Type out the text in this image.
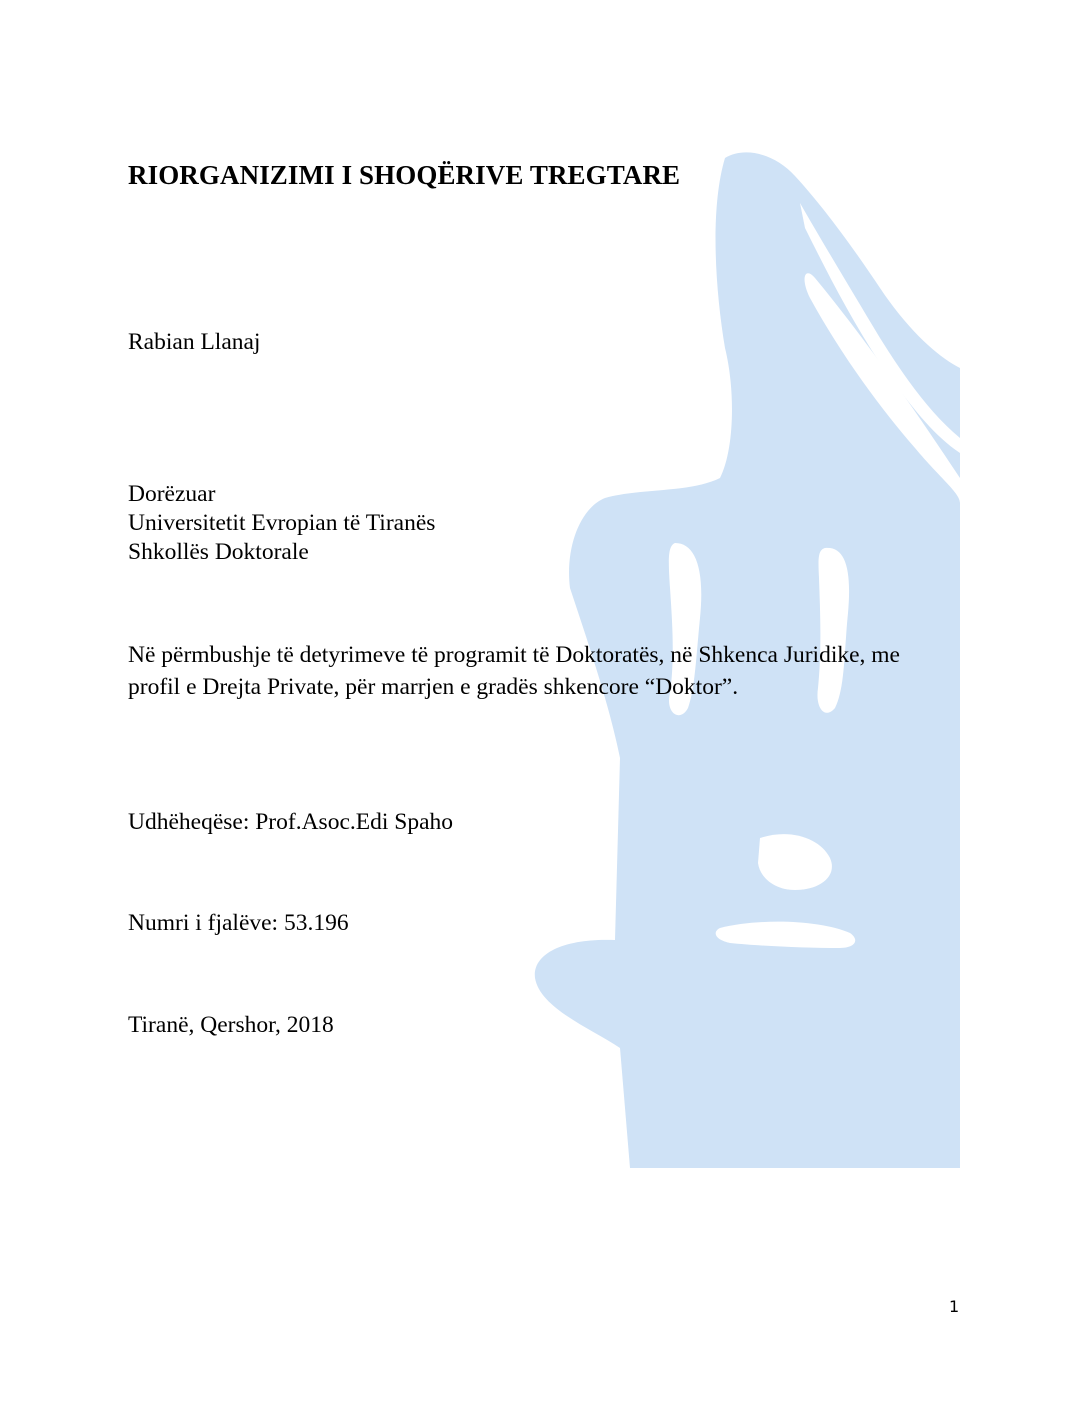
RIORGANIZIMI I SHOQËRIVE TREGTARE

Rabian Llanaj

Dorëzuar

Universitetit Evropian të Tiranës

Shkollës Doktorale

Në përmbushje të detyrimeve të programit të Doktoratës, në Shkenca Juridike, me

profil e Drejta Private, për marrjen e gradës shkencore “Doktor”.

Udhëheqëse: Prof.Asoc.Edi Spaho

Numri i fjalëve: 53.196

Tiranë, Qershor, 2018

1
